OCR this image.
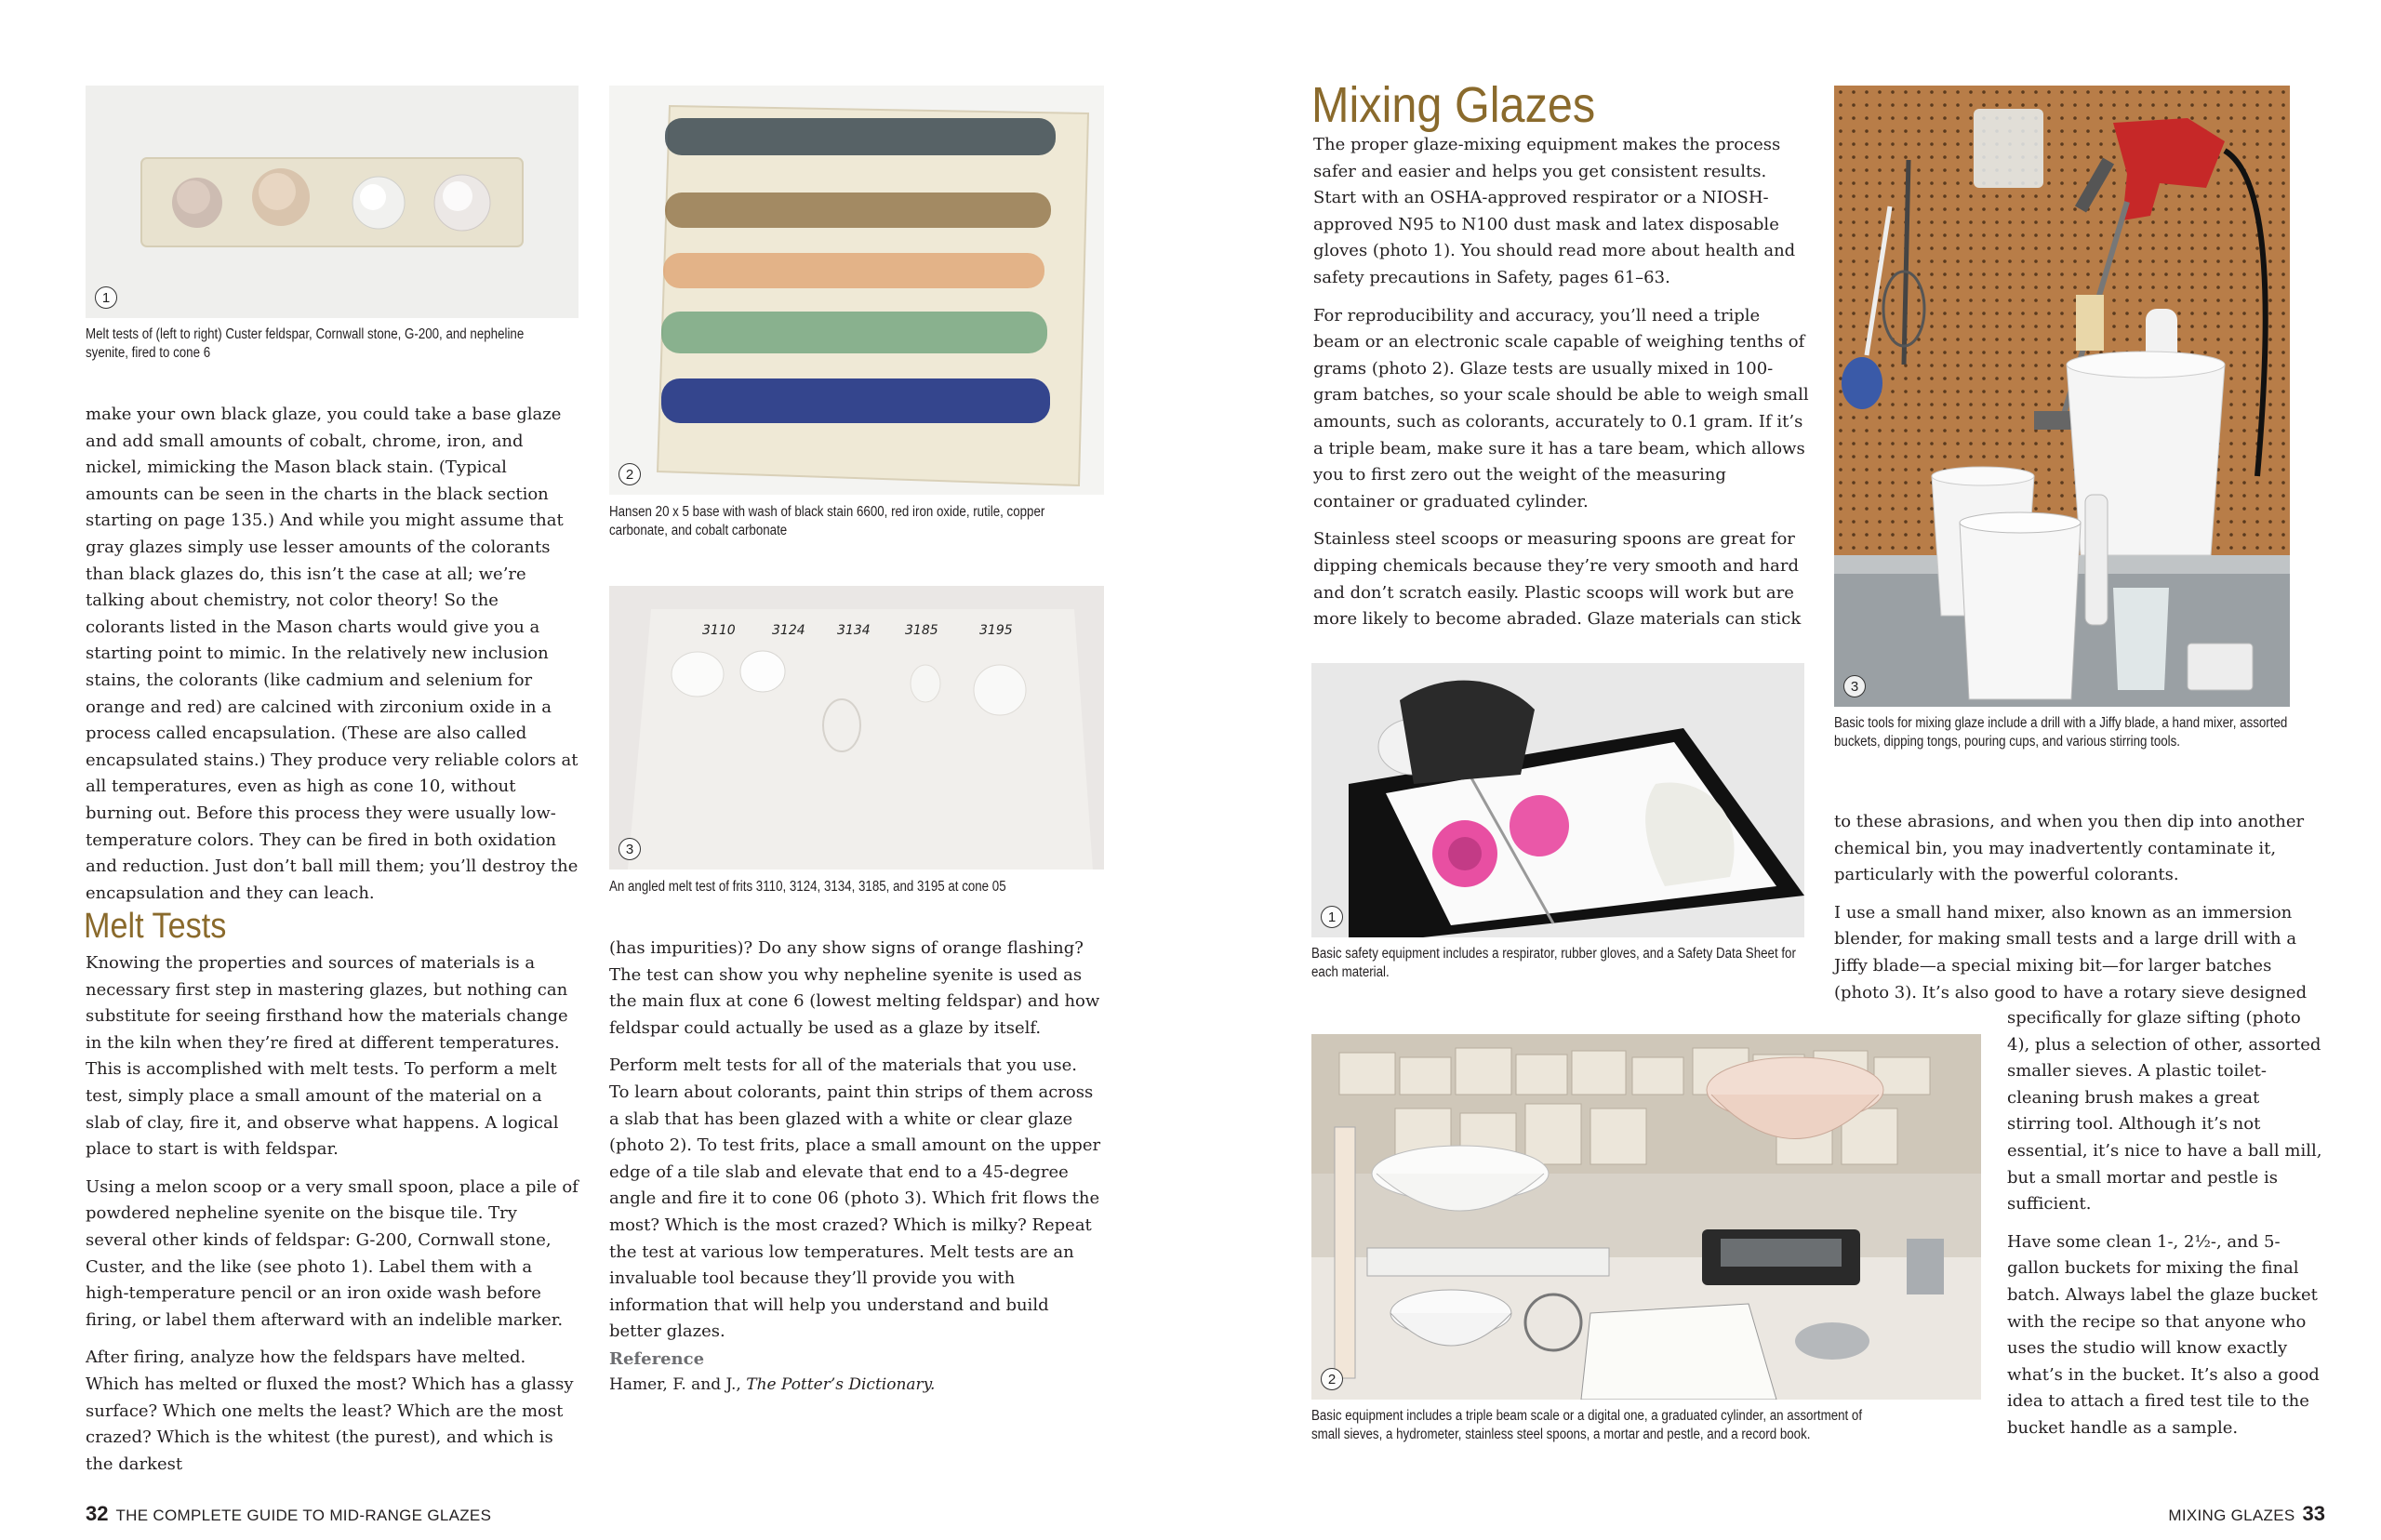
1
Melt tests of (left to right) Custer feldspar, Cornwall stone, G-200, and nepheline syenite, fired to cone 6
2
Hansen 20 x 5 base with wash of black stain 6600, red iron oxide, rutile, copper carbonate, and cobalt carbonate
3110	3124 3134	3185	3195
3
An angled melt test of frits 3110, 3124, 3134, 3185, and 3195 at cone 05

make your own black glaze, you could take a base glaze and add small amounts of cobalt, chrome, iron, and nickel, mimicking the Mason black stain. (Typical amounts can be seen in the charts in the black section starting on page 135.) And while you might assume that gray glazes simply use lesser amounts of the colorants than black glazes do, this isn’t the case at all; we’re talking about chemistry, not color theory! So the colorants listed in the Mason charts would give you a starting point to mimic. In the relatively new inclusion stains, the colorants (like cadmium and selenium for orange and red) are calcined with zirconium oxide in a process called encapsulation. (These are also called encapsulated stains.) They produce very reliable colors at all temperatures, even as high as cone 10, without burning out. Before this process they were usually low-temperature colors. They can be fired in both oxidation and reduction. Just don’t ball mill them; you’ll destroy the encapsulation and they can leach.

Melt Tests

Knowing the properties and sources of materials is a necessary first step in mastering glazes, but nothing can substitute for seeing firsthand how the materials change in the kiln when they’re fired at different temperatures. This is accomplished with melt tests. To perform a melt test, simply place a small amount of the material on a slab of clay, fire it, and observe what happens. A logical place to start is with feldspar.

Using a melon scoop or a very small spoon, place a pile of powdered nepheline syenite on the bisque tile. Try several other kinds of feldspar: G-200, Cornwall stone, Custer, and the like (see photo 1). Label them with a high-temperature pencil or an iron oxide wash before firing, or label them afterward with an indelible marker.

After firing, analyze how the feldspars have melted. Which has melted or fluxed the most? Which has a glassy surface? Which one melts the least? Which are the most crazed? Which is the whitest (the purest), and which is the darkest

(has impurities)? Do any show signs of orange flashing? The test can show you why nepheline syenite is used as the main flux at cone 6 (lowest melting feldspar) and how feldspar could actually be used as a glaze by itself.

Perform melt tests for all of the materials that you use. To learn about colorants, paint thin strips of them across a slab that has been glazed with a white or clear glaze (photo 2). To test frits, place a small amount on the upper edge of a tile slab and elevate that end to a 45-degree angle and fire it to cone 06 (photo 3). Which frit flows the most? Which is the most crazed? Which is milky? Repeat the test at various low temperatures. Melt tests are an invaluable tool because they’ll provide you with information that will help you understand and build better glazes.

Reference
Hamer, F. and J., The Potter’s Dictionary.
32 THE COMPLETE GUIDE TO MID-RANGE GLAZES
Mixing Glazes

The proper glaze-mixing equipment makes the process safer and easier and helps you get consistent results. Start with an OSHA-approved respirator or a NIOSH-approved N95 to N100 dust mask and latex disposable gloves (photo 1). You should read more about health and safety precautions in Safety, pages 61–63.

For reproducibility and accuracy, you’ll need a triple beam or an electronic scale capable of weighing tenths of grams (photo 2). Glaze tests are usually mixed in 100-gram batches, so your scale should be able to weigh small amounts, such as colorants, accurately to 0.1 gram. If it’s a triple beam, make sure it has a tare beam, which allows you to first zero out the weight of the measuring container or graduated cylinder.

Stainless steel scoops or measuring spoons are great for dipping chemicals because they’re very smooth and hard and don’t scratch easily. Plastic scoops will work but are more likely to become abraded. Glaze materials can stick

3
Basic tools for mixing glaze include a drill with a Jiffy blade, a hand mixer, assorted buckets, dipping tongs, pouring cups, and various stirring tools.
1
Basic safety equipment includes a respirator, rubber gloves, and a Safety Data Sheet for each material.
2
Basic equipment includes a triple beam scale or a digital one, a graduated cylinder, an assortment of small sieves, a hydrometer, stainless steel spoons, a mortar and pestle, and a record book.

to these abrasions, and when you then dip into another chemical bin, you may inadvertently contaminate it, particularly with the powerful colorants.

I use a small hand mixer, also known as an immersion blender, for making small tests and a large drill with a Jiffy blade—a special mixing bit—for larger batches (photo 3). It’s also good to have a rotary sieve designed

specifically for glaze sifting (photo 4), plus a selection of other, assorted smaller sieves. A plastic toilet-cleaning brush makes a great stirring tool. Although it’s not essential, it’s nice to have a ball mill, but a small mortar and pestle is sufficient.

Have some clean 1-, 2½-, and 5-gallon buckets for mixing the final batch. Always label the glaze bucket with the recipe so that anyone who uses the studio will know exactly what’s in the bucket. It’s also a good idea to attach a fired test tile to the bucket handle as a sample.

MIXING GLAZES 33
